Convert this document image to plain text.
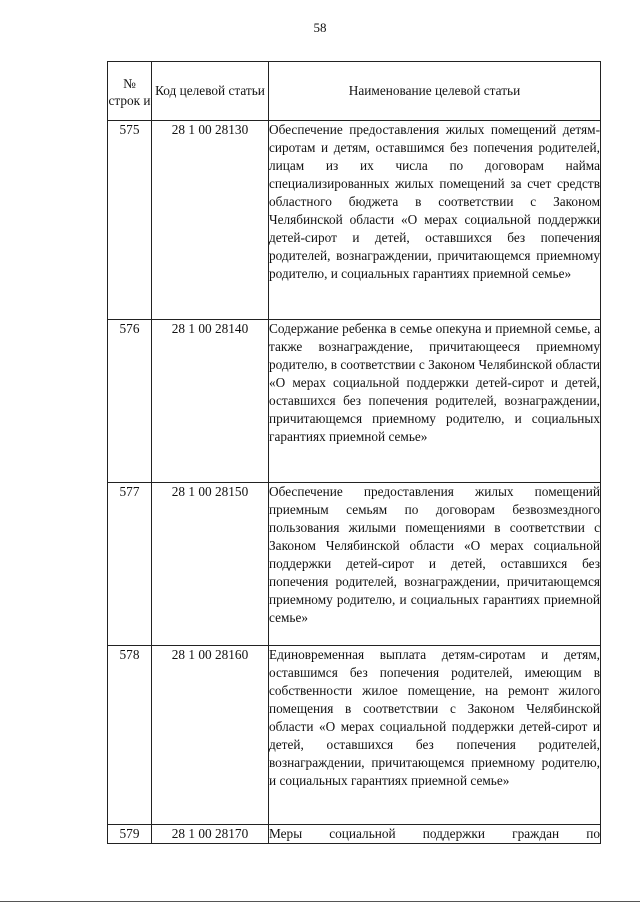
58
№ строк и	Код целевой статьи	Наименование целевой статьи
575	28 1 00 28130	Обеспечение предоставления жилых помещений детям-сиротам и детям, оставшимся без попечения родителей, лицам из их числа по договорам найма специализированных жилых помещений за счет средств областного бюджета в соответствии с Законом Челябинской области «О мерах социальной поддержки детей-сирот и детей, оставшихся без попечения родителей, вознаграждении, причитающемся приемному родителю, и социальных гарантиях приемной семье»
576	28 1 00 28140	Содержание ребенка в семье опекуна и приемной семье, а также вознаграждение, причитающееся приемному родителю, в соответствии с Законом Челябинской области «О мерах социальной поддержки детей-сирот и детей, оставшихся без попечения родителей, вознаграждении, причитающемся приемному родителю, и социальных гарантиях приемной семье»
577	28 1 00 28150	Обеспечение предоставления жилых помещений приемным семьям по договорам безвозмездного пользования жилыми помещениями в соответствии с Законом Челябинской области «О мерах социальной поддержки детей-сирот и детей, оставшихся без попечения родителей, вознаграждении, причитающемся приемному родителю, и социальных гарантиях приемной семье»
578	28 1 00 28160	Единовременная выплата детям-сиротам и детям, оставшимся без попечения родителей, имеющим в собственности жилое помещение, на ремонт жилого помещения в соответствии с Законом Челябинской области «О мерах социальной поддержки детей-сирот и детей, оставшихся без попечения родителей, вознаграждении, причитающемся приемному родителю, и социальных гарантиях приемной семье»
579	28 1 00 28170	Меры социальной поддержки граждан по
